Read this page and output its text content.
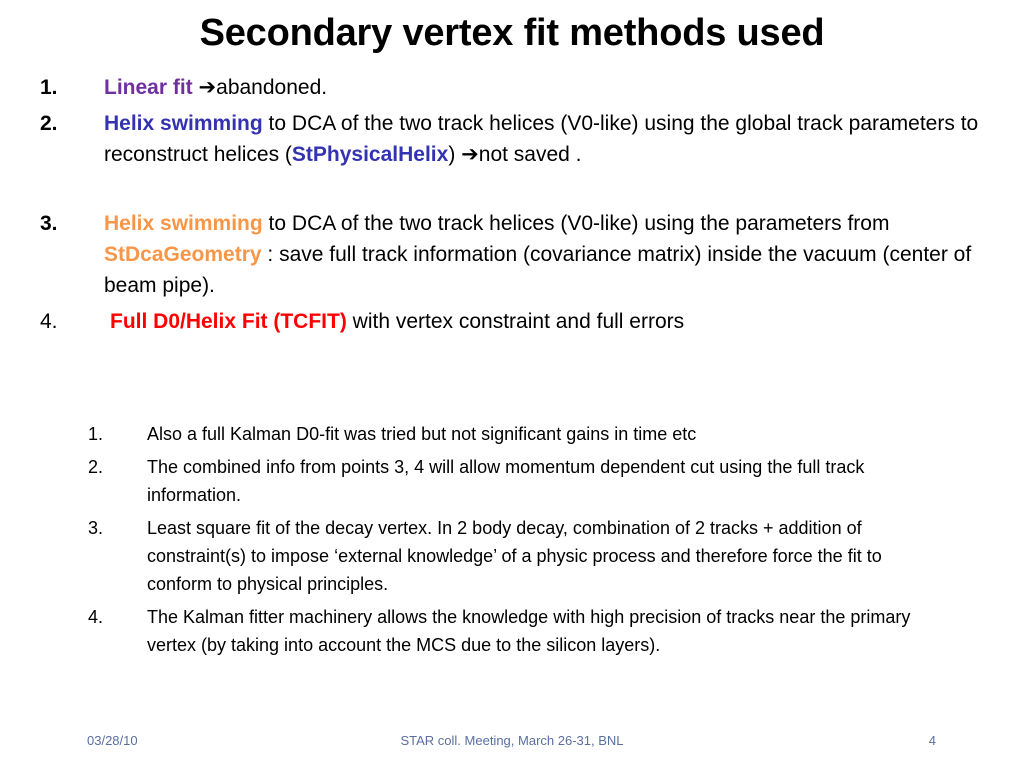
Secondary vertex fit methods used

1. Linear fit ➔abandoned.

2. Helix swimming to DCA of the two track helices (V0-like) using the global track parameters to reconstruct helices (StPhysicalHelix) ➔not saved .

3. Helix swimming to DCA of the two track helices (V0-like) using the parameters from StDcaGeometry : save full track information (covariance matrix) inside the vacuum (center of beam pipe).

4. Full D0/Helix Fit (TCFIT) with vertex constraint and full errors

1. Also a full Kalman D0-fit was tried but not significant gains in time etc

2. The combined info from points 3, 4 will allow momentum dependent cut using the full track information.

3. Least square fit of the decay vertex. In 2 body decay, combination of 2 tracks + addition of constraint(s) to impose ‘external knowledge’ of a physic process and therefore force the fit to conform to physical principles.

4. The Kalman fitter machinery allows the knowledge with high precision of tracks near the primary vertex (by taking into account the MCS due to the silicon layers).

03/28/10	STAR coll. Meeting, March 26-31, BNL	4
